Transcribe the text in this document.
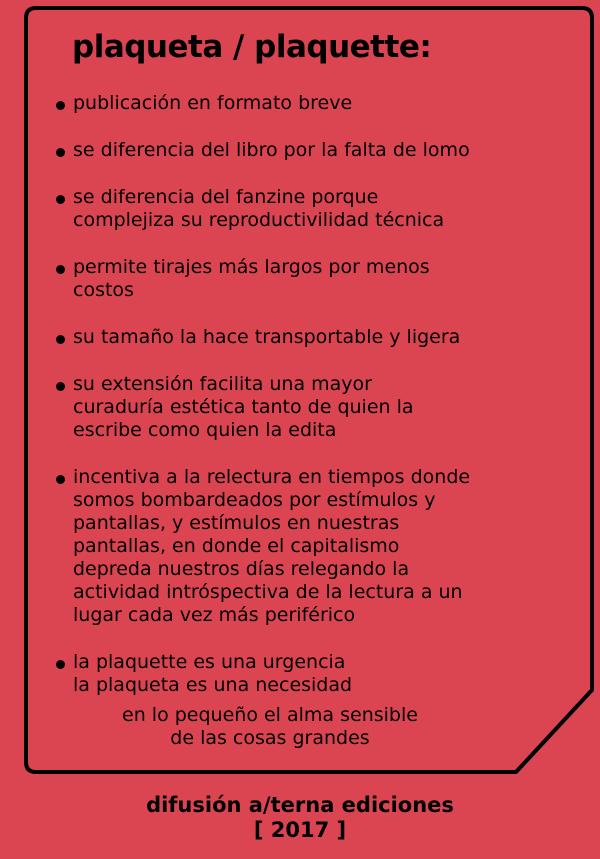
plaqueta / plaquette:
publicación en formato breve
se diferencia del libro por la falta de lomo
se diferencia del fanzine porque
complejiza su reproductivilidad técnica
permite tirajes más largos por menos
costos
su tamaño la hace transportable y ligera
su extensión facilita una mayor
curaduría estética tanto de quien la
escribe como quien la edita
incentiva a la relectura en tiempos donde
somos bombardeados por estímulos y
pantallas, y estímulos en nuestras
pantallas, en donde el capitalismo
depreda nuestros días relegando la
actividad intróspectiva de la lectura a un
lugar cada vez más periférico
la plaquette es una urgencia
la plaqueta es una necesidad
en lo pequeño el alma sensible
de las cosas grandes
difusión a/terna ediciones
[ 2017 ]
